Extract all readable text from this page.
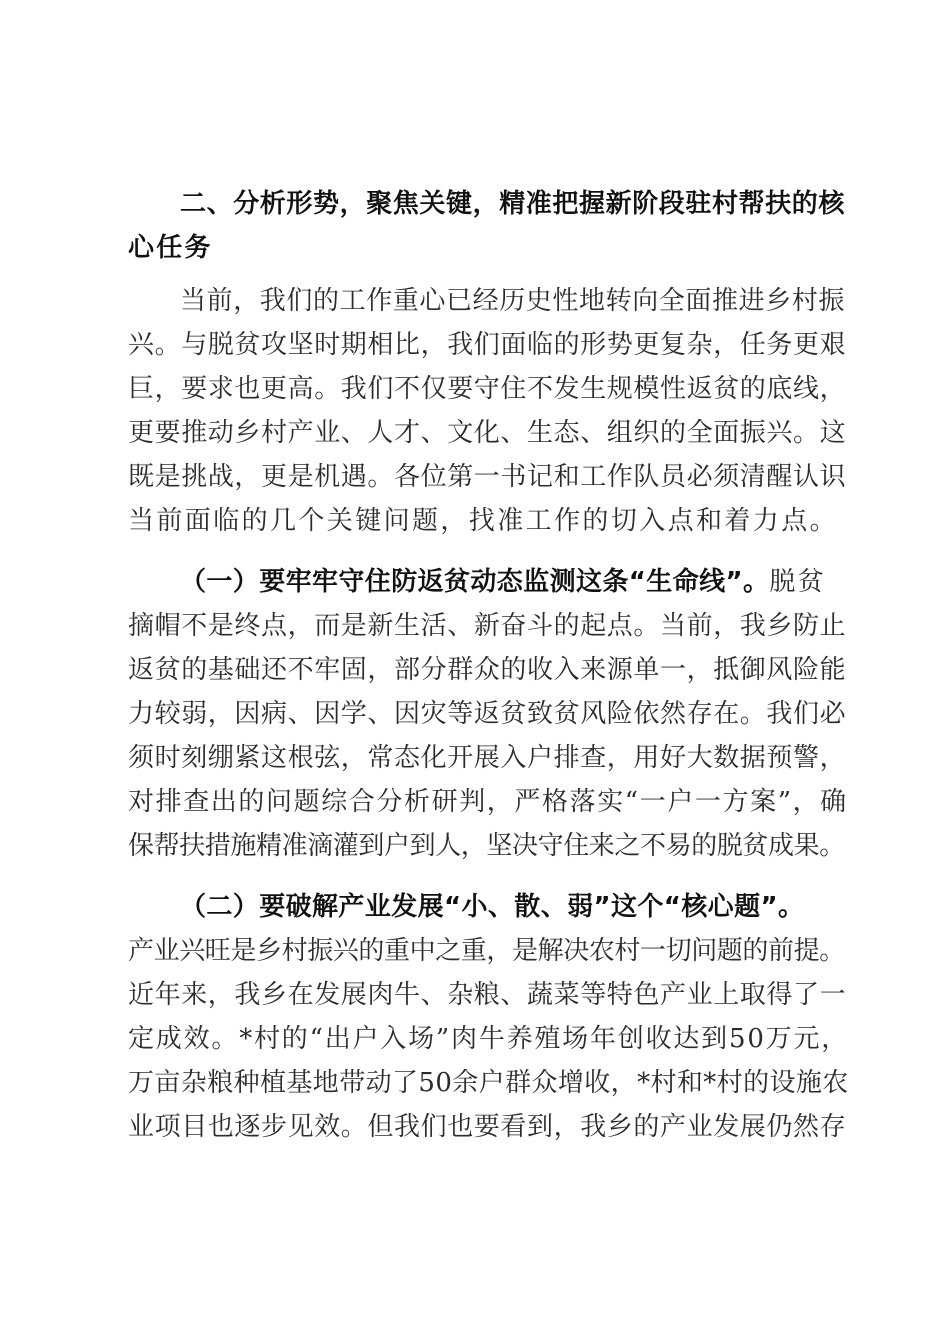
二、分析形势，聚焦关键，精准把握新阶段驻村帮扶的核
心任务
当前，我们的工作重心已经历史性地转向全面推进乡村振
兴。与脱贫攻坚时期相比，我们面临的形势更复杂，任务更艰
巨，要求也更高。我们不仅要守住不发生规模性返贫的底线，
更要推动乡村产业、人才、文化、生态、组织的全面振兴。这
既是挑战，更是机遇。各位第一书记和工作队员必须清醒认识
当前面临的几个关键问题，找准工作的切入点和着力点。
（一）要牢牢守住防返贫动态监测这条“生命线”。脱贫
摘帽不是终点，而是新生活、新奋斗的起点。当前，我乡防止
返贫的基础还不牢固，部分群众的收入来源单一，抵御风险能
力较弱，因病、因学、因灾等返贫致贫风险依然存在。我们必
须时刻绷紧这根弦，常态化开展入户排查，用好大数据预警，
对排查出的问题综合分析研判，严格落实“一户一方案”，确
保帮扶措施精准滴灌到户到人，坚决守住来之不易的脱贫成果。
（二）要破解产业发展“小、散、弱”这个“核心题”。
产业兴旺是乡村振兴的重中之重，是解决农村一切问题的前提。
近年来，我乡在发展肉牛、杂粮、蔬菜等特色产业上取得了一
定成效。*村的“出户入场”肉牛养殖场年创收达到50万元，
万亩杂粮种植基地带动了50余户群众增收，*村和*村的设施农
业项目也逐步见效。但我们也要看到，我乡的产业发展仍然存
